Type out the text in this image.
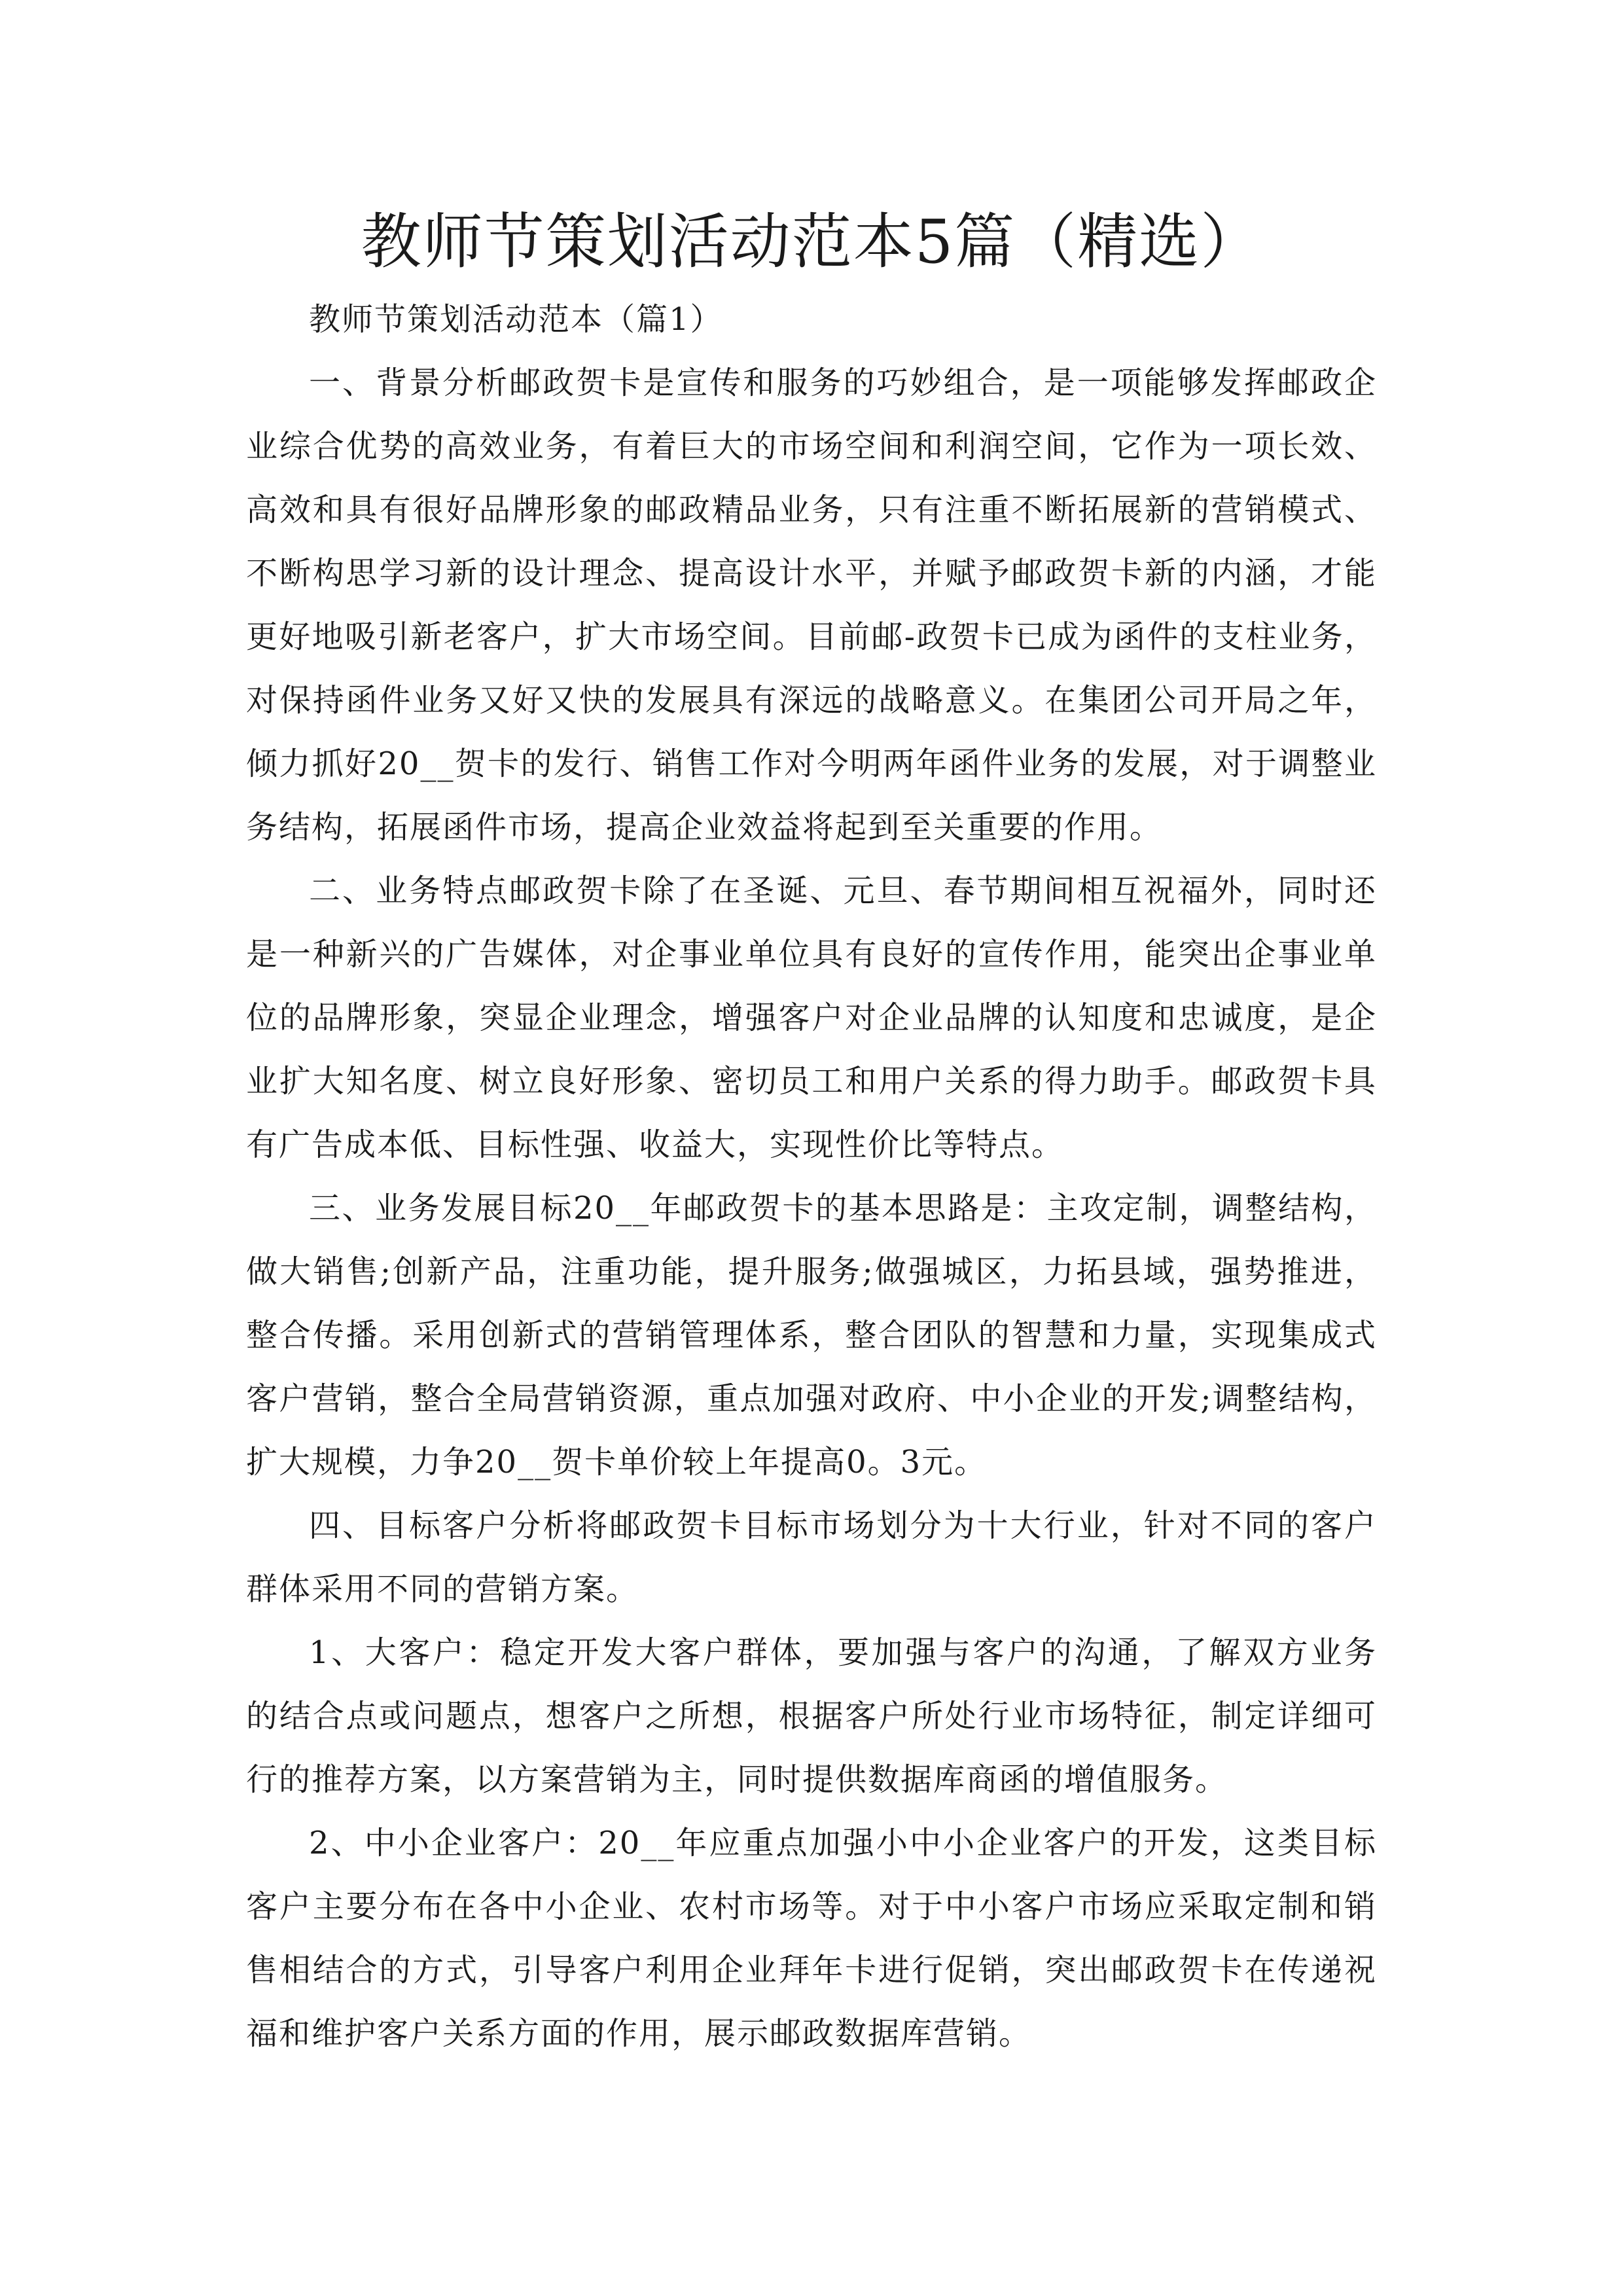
教师节策划活动范本5篇（精选）

教师节策划活动范本（篇1）

一、背景分析邮政贺卡是宣传和服务的巧妙组合，是一项能够发挥邮政企业综合优势的高效业务，有着巨大的市场空间和利润空间，它作为一项长效、高效和具有很好品牌形象的邮政精品业务，只有注重不断拓展新的营销模式、不断构思学习新的设计理念、提高设计水平，并赋予邮政贺卡新的内涵，才能更好地吸引新老客户，扩大市场空间。目前邮-政贺卡已成为函件的支柱业务，对保持函件业务又好又快的发展具有深远的战略意义。在集团公司开局之年，倾力抓好20__贺卡的发行、销售工作对今明两年函件业务的发展，对于调整业务结构，拓展函件市场，提高企业效益将起到至关重要的作用。

二、业务特点邮政贺卡除了在圣诞、元旦、春节期间相互祝福外，同时还是一种新兴的广告媒体，对企事业单位具有良好的宣传作用，能突出企事业单位的品牌形象，突显企业理念，增强客户对企业品牌的认知度和忠诚度，是企业扩大知名度、树立良好形象、密切员工和用户关系的得力助手。邮政贺卡具有广告成本低、目标性强、收益大，实现性价比等特点。

三、业务发展目标20__年邮政贺卡的基本思路是：主攻定制，调整结构，做大销售;创新产品，注重功能，提升服务;做强城区，力拓县域，强势推进，整合传播。采用创新式的营销管理体系，整合团队的智慧和力量，实现集成式客户营销，整合全局营销资源，重点加强对政府、中小企业的开发;调整结构，扩大规模，力争20__贺卡单价较上年提高0。3元。

四、目标客户分析将邮政贺卡目标市场划分为十大行业，针对不同的客户群体采用不同的营销方案。

1、大客户：稳定开发大客户群体，要加强与客户的沟通，了解双方业务的结合点或问题点，想客户之所想，根据客户所处行业市场特征，制定详细可行的推荐方案，以方案营销为主，同时提供数据库商函的增值服务。

2、中小企业客户：20__年应重点加强小中小企业客户的开发，这类目标客户主要分布在各中小企业、农村市场等。对于中小客户市场应采取定制和销售相结合的方式，引导客户利用企业拜年卡进行促销，突出邮政贺卡在传递祝福和维护客户关系方面的作用，展示邮政数据库营销。
